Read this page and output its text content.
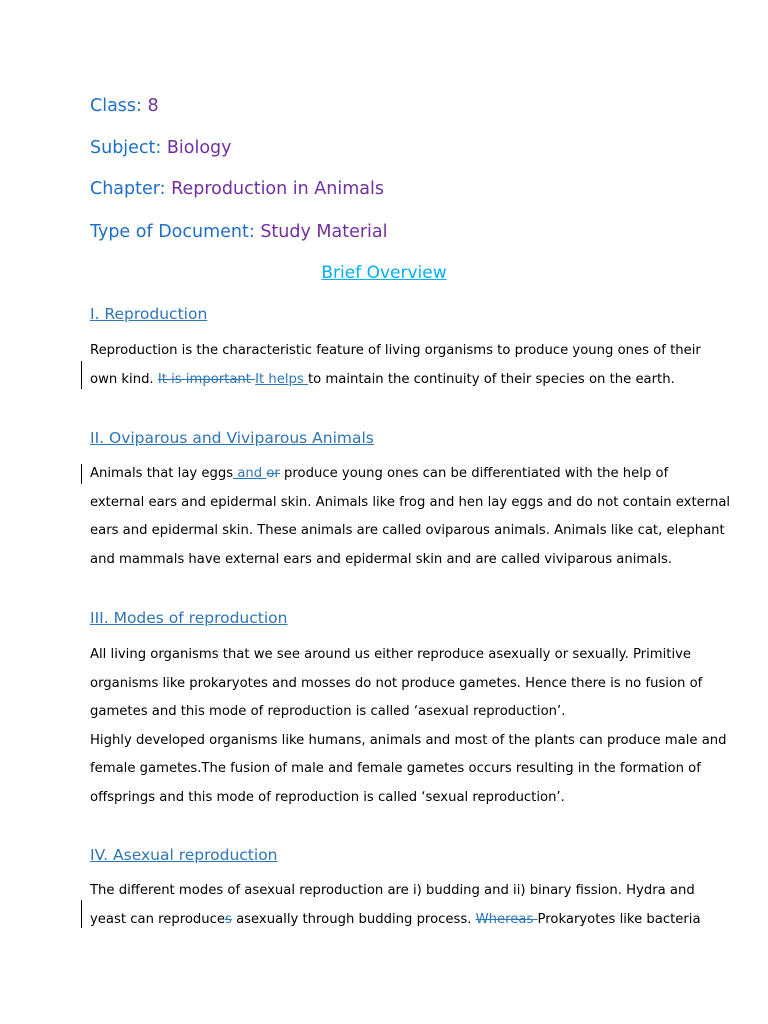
Class: 8
Subject: Biology
Chapter: Reproduction in Animals
Type of Document: Study Material
Brief Overview
I. Reproduction
Reproduction is the characteristic feature of living organisms to produce young ones of their
own kind. It is important It helps to maintain the continuity of their species on the earth.
II. Oviparous and Viviparous Animals
Animals that lay eggs and or produce young ones can be differentiated with the help of
external ears and epidermal skin. Animals like frog and hen lay eggs and do not contain external
ears and epidermal skin. These animals are called oviparous animals. Animals like cat, elephant
and mammals have external ears and epidermal skin and are called viviparous animals.
III. Modes of reproduction
All living organisms that we see around us either reproduce asexually or sexually. Primitive
organisms like prokaryotes and mosses do not produce gametes. Hence there is no fusion of
gametes and this mode of reproduction is called ‘asexual reproduction’.
Highly developed organisms like humans, animals and most of the plants can produce male and
female gametes.The fusion of male and female gametes occurs resulting in the formation of
offsprings and this mode of reproduction is called ‘sexual reproduction’.
IV. Asexual reproduction
The different modes of asexual reproduction are i) budding and ii) binary fission. Hydra and
yeast can reproduces asexually through budding process. Whereas Prokaryotes like bacteria
